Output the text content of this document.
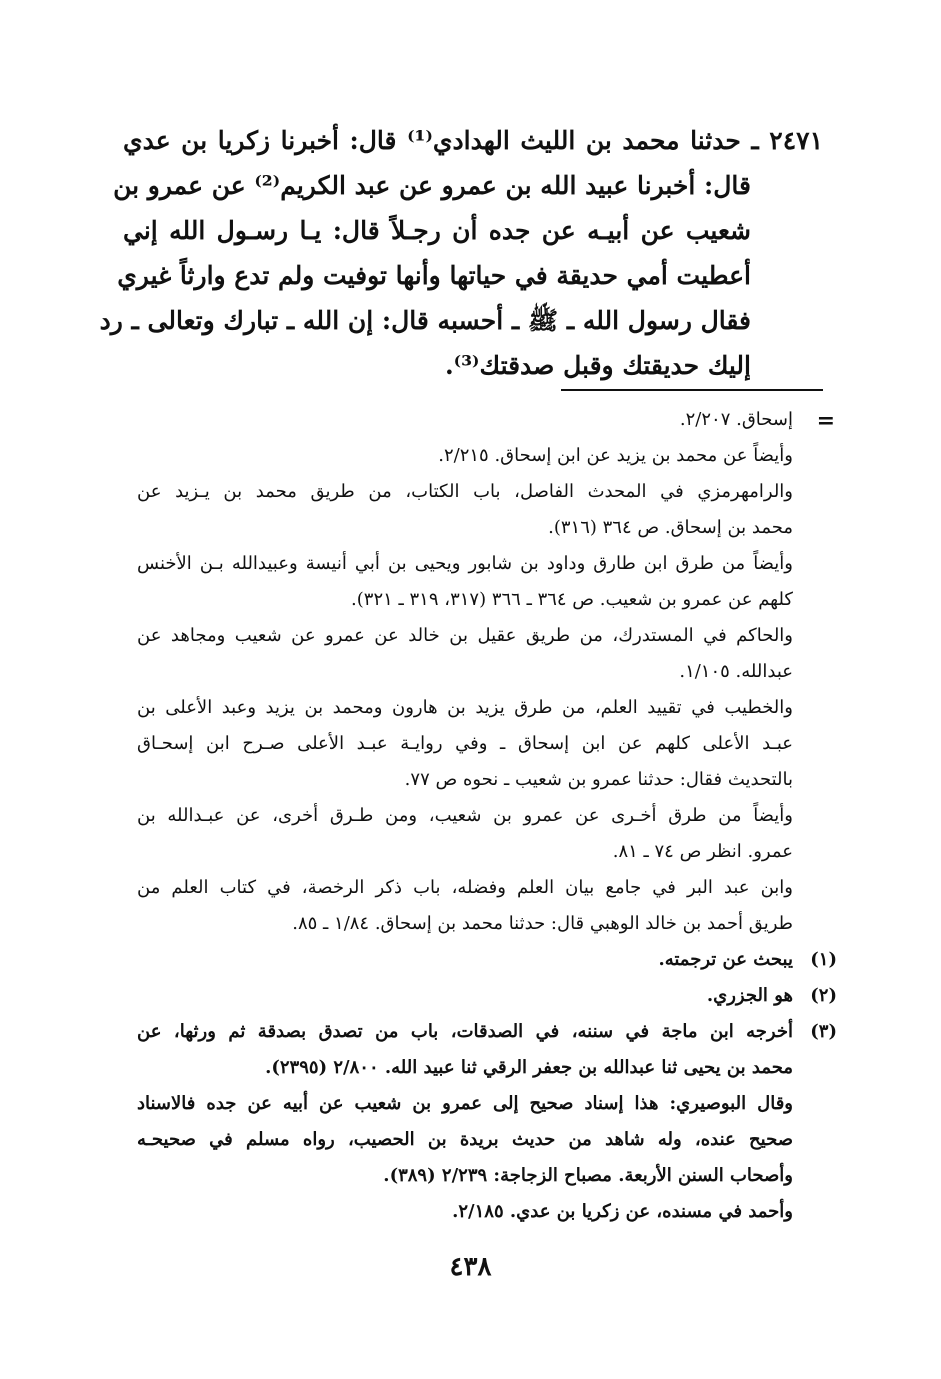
٢٤٧١ ـ حدثنا محمد بن الليث الهدادي⁽¹⁾ قال: أخبرنا زكريا بن عدي
قال: أخبرنا عبيد الله بن عمرو عن عبد الكريم⁽²⁾ عن عمرو بن
شعيب عن أبيـه عن جده أن رجـلاً قال: يـا رسـول الله إني
أعطيت أمي حديقة في حياتها وأنها توفيت ولم تدع وارثاً غيري
فقال رسول الله ـ ﷺ ـ أحسبه قال: إن الله ـ تبارك وتعالى ـ رد
إليك حديقتك وقبل صدقتك⁽³⁾.
=
إسحاق. ٢/٢٠٧.
وأيضاً عن محمد بن يزيد عن ابن إسحاق. ٢/٢١٥.
والرامهرمزي في المحدث الفاصل، باب الكتاب، من طريق محمد بن يـزيد عن
محمد بن إسحاق. ص ٣٦٤ (٣١٦).
وأيضاً من طرق ابن طارق وداود بن شابور ويحيى بن أبي أنيسة وعبيدالله بـن الأخنس
كلهم عن عمرو بن شعيب. ص ٣٦٤ ـ ٣٦٦ (٣١٧، ٣١٩ ـ ٣٢١).
والحاكم في المستدرك، من طريق عقيل بن خالد عن عمرو عن شعيب ومجاهد عن
عبدالله. ١/١٠٥.
والخطيب في تقييد العلم، من طرق يزيد بن هارون ومحمد بن يزيد وعبد الأعلى بن
عبـد الأعلى كلهم عن ابن إسحاق ـ وفي روايـة عبـد الأعلى صـرح ابن إسحـاق
بالتحديث فقال: حدثنا عمرو بن شعيب ـ نحوه ص ٧٧.
وأيضاً من طرق أخـرى عن عمرو بن شعيب، ومن طـرق أخرى، عن عبـدالله بن
عمرو. انظر ص ٧٤ ـ ٨١.
وابن عبد البر في جامع بيان العلم وفضله، باب ذكر الرخصة، في كتاب العلم من
طريق أحمد بن خالد الوهبي قال: حدثنا محمد بن إسحاق. ١/٨٤ ـ ٨٥.
(١)
يبحث عن ترجمته.
(٢)
هو الجزري.
(٣)
أخرجه ابن ماجة في سننه، في الصدقات، باب من تصدق بصدقة ثم ورثها، عن
محمد بن يحيى ثنا عبدالله بن جعفر الرقي ثنا عبيد الله. ٢/٨٠٠ (٢٣٩٥).
وقال البوصيري: هذا إسناد صحيح إلى عمرو بن شعيب عن أبيه عن جده فالاسناد
صحيح عنده، وله شاهد من حديث بريدة بن الحصيب، رواه مسلم في صحيحـه
وأصحاب السنن الأربعة. مصباح الزجاجة: ٢/٢٣٩ (٣٨٩).
وأحمد في مسنده، عن زكريا بن عدي. ٢/١٨٥.
٤٣٨
